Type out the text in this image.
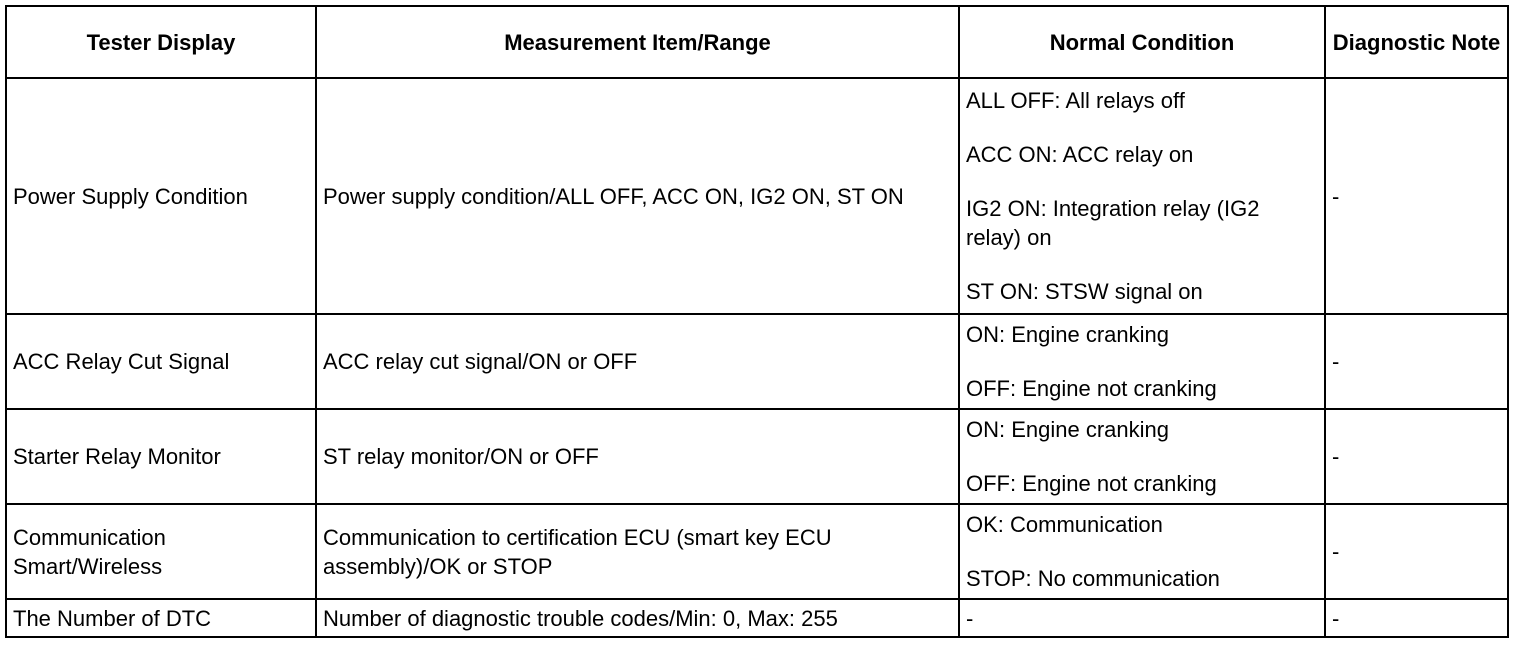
Tester Display	Measurement Item/Range	Normal Condition	Diagnostic Note
Power Supply Condition	Power supply condition/ALL OFF, ACC ON, IG2 ON, ST ON	ALL OFF: All relays off
ACC ON: ACC relay on
IG2 ON: Integration relay (IG2 relay) on
ST ON: STSW signal on	-
ACC Relay Cut Signal	ACC relay cut signal/ON or OFF	ON: Engine cranking
OFF: Engine not cranking	-
Starter Relay Monitor	ST relay monitor/ON or OFF	ON: Engine cranking
OFF: Engine not cranking	-
Communication Smart/Wireless	Communication to certification ECU (smart key ECU assembly)/OK or STOP	OK: Communication
STOP: No communication	-
The Number of DTC	Number of diagnostic trouble codes/Min: 0, Max: 255	-	-
